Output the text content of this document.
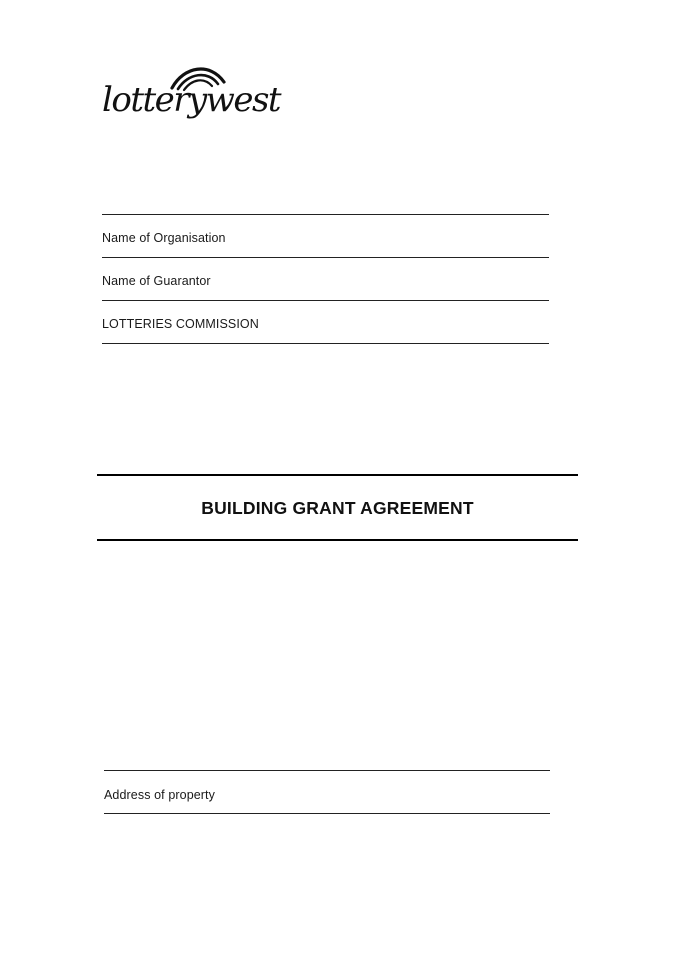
lotterywest
Name of Organisation
Name of Guarantor
LOTTERIES COMMISSION
BUILDING GRANT AGREEMENT
Address of property
